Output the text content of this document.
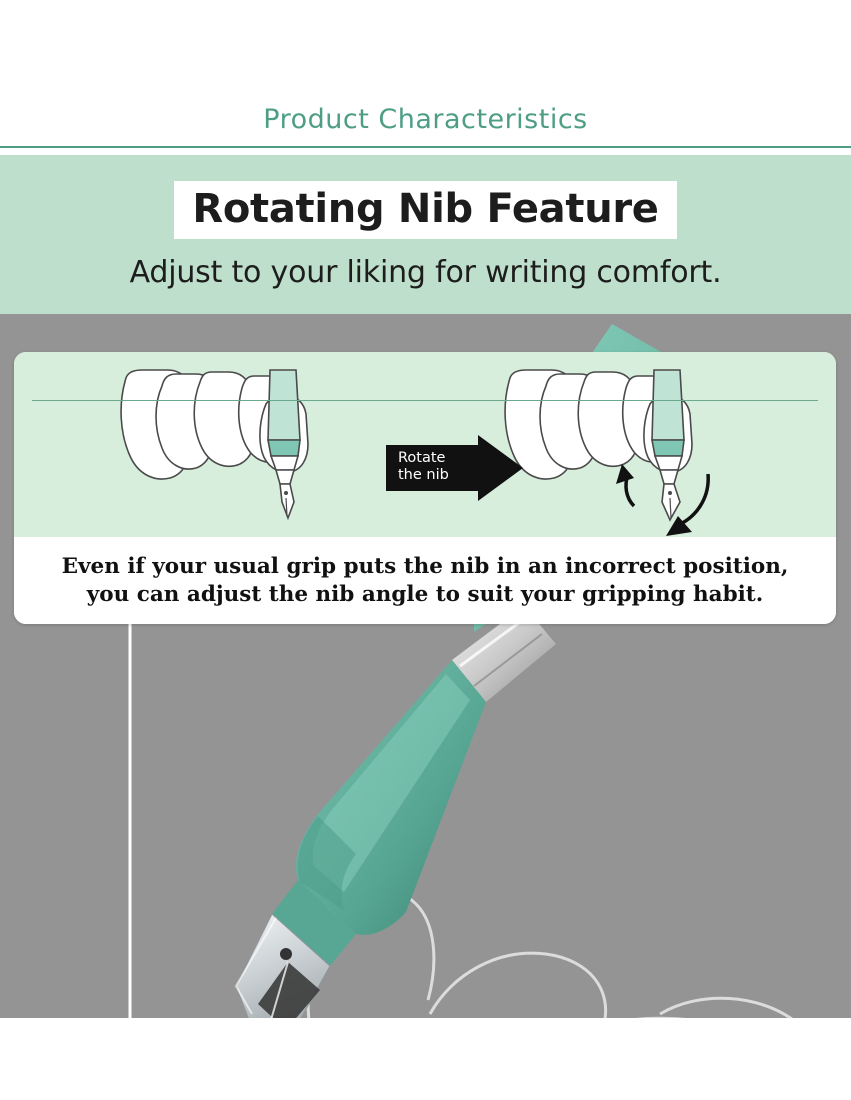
Product Characteristics
Rotating Nib Feature
Adjust to your liking for writing comfort.
Rotate
the nib

Even if your usual grip puts the nib in an incorrect position,
you can adjust the nib angle to suit your gripping habit.
